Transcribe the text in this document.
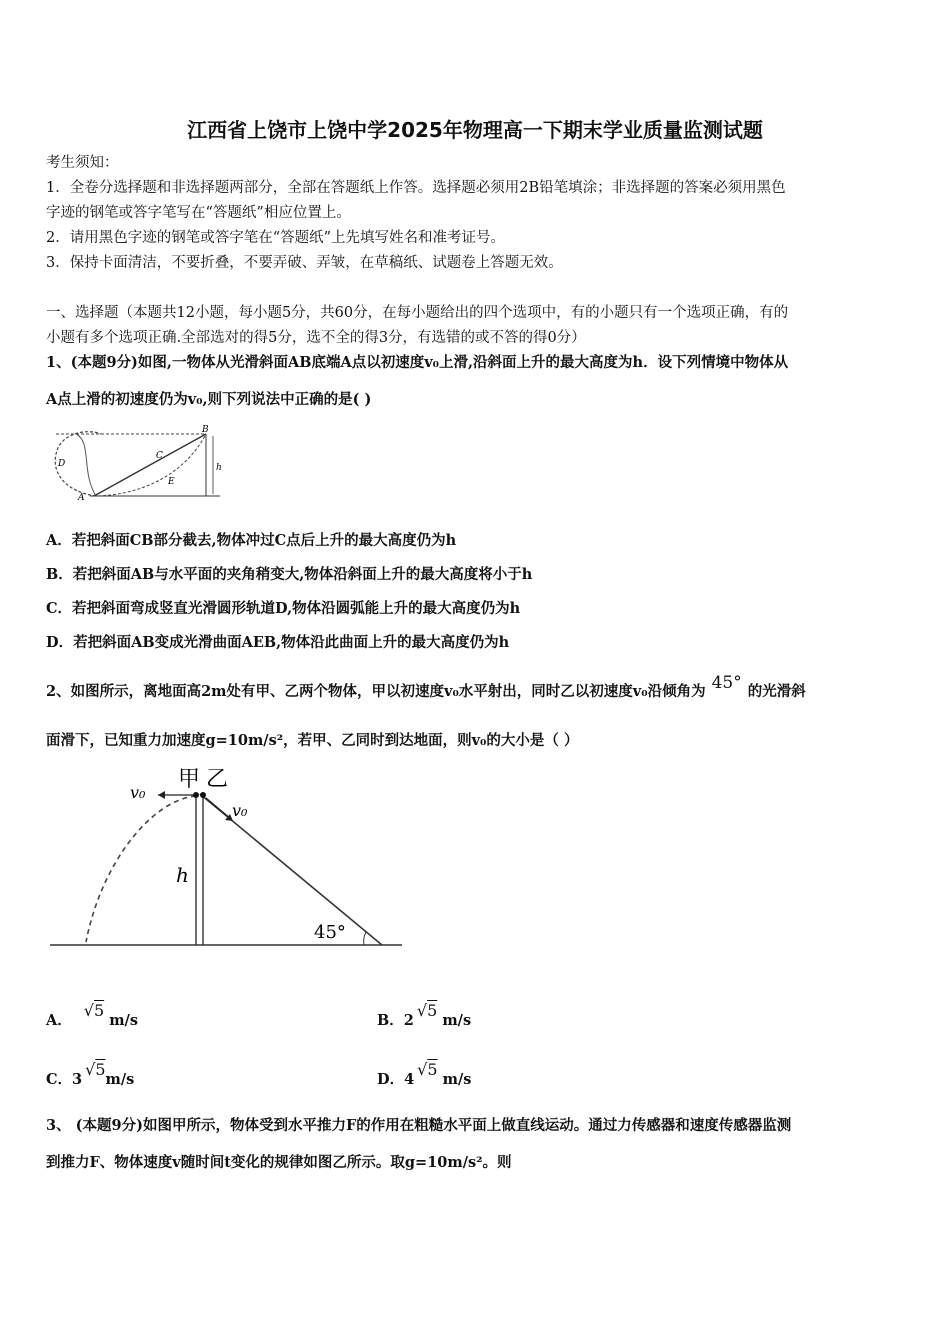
江西省上饶市上饶中学2025年物理高一下期末学业质量监测试题
考生须知：
1．全卷分选择题和非选择题两部分，全部在答题纸上作答。选择题必须用2B铅笔填涂；非选择题的答案必须用黑色
字迹的钢笔或答字笔写在“答题纸”相应位置上。
2．请用黑色字迹的钢笔或答字笔在“答题纸”上先填写姓名和准考证号。
3．保持卡面清洁，不要折叠，不要弄破、弄皱，在草稿纸、试题卷上答题无效。
一、选择题（本题共12小题，每小题5分，共60分，在每小题给出的四个选项中，有的小题只有一个选项正确，有的
小题有多个选项正确.全部选对的得5分，选不全的得3分，有选错的或不答的得0分）
1、(本题9分)如图,一物体从光滑斜面AB底端A点以初速度v₀上滑,沿斜面上升的最大高度为h．设下列情境中物体从
A点上滑的初速度仍为v₀,则下列说法中正确的是( )
B
C
D
A
E
h
A．若把斜面CB部分截去,物体冲过C点后上升的最大高度仍为h
B．若把斜面AB与水平面的夹角稍变大,物体沿斜面上升的最大高度将小于h
C．若把斜面弯成竖直光滑圆形轨道D,物体沿圆弧能上升的最大高度仍为h
D．若把斜面AB变成光滑曲面AEB,物体沿此曲面上升的最大高度仍为h
2、如图所示，离地面高2m处有甲、乙两个物体，甲以初速度v₀水平射出，同时乙以初速度v₀沿倾角为 45° 的光滑斜
面滑下，已知重力加速度g=10m/s²，若甲、乙同时到达地面，则v₀的大小是（ ）
v₀
v₀
甲 乙
h
45°
A．√5 m/s	B．2√5 m/s
C．3√5m/s	D．4√5 m/s
3、 (本题9分)如图甲所示，物体受到水平推力F的作用在粗糙水平面上做直线运动。通过力传感器和速度传感器监测
到推力F、物体速度v随时间t变化的规律如图乙所示。取g=10m/s²。则
